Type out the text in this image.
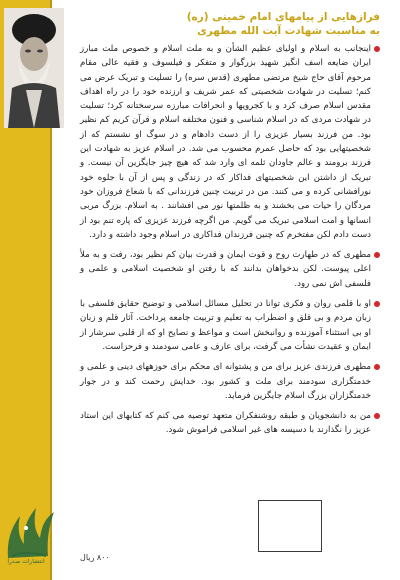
فرازهایی از پیامهای امام خمینی (ره)
به مناسبت شهادت آیت الله مطهری

اینجانب به اسلام و اولیای عظیم الشأن و به ملت اسلام و خصوص ملت مبارز ایران ضایعه اسف انگیز شهید بزرگوار و متفکر و فیلسوف و فقیه عالی مقام مرحوم آقای حاج شیخ مرتضی مطهری (قدس سره) را تسلیت و تبریک عرض می کنم؛ تسلیت در شهادت شخصیتی که عمر شریف و ارزنده خود را در راه اهداف مقدس اسلام صرف کرد و با کجرویها و انحرافات مبارزه سرسختانه کرد؛ تسلیت در شهادت مردی که در اسلام شناسی و فنون مختلفه اسلام و قرآن کریم کم نظیر بود. من فرزند بسیار عزیزی را از دست دادهام و در سوگ او نشستم که از شخصیتهایی بود که حاصل عمرم محسوب می شد. در اسلام عزیز به شهادت این فرزند برومند و عالم جاودان ثلمه ای وارد شد که هیچ چیز جایگزین آن نیست. و تبریک از داشتن این شخصیتهای فداکار که در زندگی و پس از آن با جلوه خود نورافشانی کرده و می کنند. من در تربیت چنین فرزندانی که با شعاع فروزان خود مردگان را حیات می بخشند و به ظلمتها نور می افشانند . به اسلام. بزرگ مربی انسانها و امت اسلامی تبریک می گویم. من اگرچه فرزند عزیزی که پاره تنم بود از دست دادم لکن مفتخرم که چنین فرزندان فداکاری در اسلام وجود داشته و دارد.

مطهری که در طهارت روح و قوت ایمان و قدرت بیان کم نظیر بود، رفت و به ملأ اعلی پیوست. لکن بدخواهان بدانند که با رفتن او شخصیت اسلامی و علمی و فلسفی اش نمی رود.

او با قلمی روان و فکری توانا در تحلیل مسائل اسلامی و توضیح حقایق فلسفی با زبان مردم و بی قلق و اضطراب به تعلیم و تربیت جامعه پرداخت. آثار قلم و زبان او بی استثناء آموزنده و روانبخش است و مواعظ و نصایح او که از قلبی سرشار از ایمان و عقیدت نشأت می گرفت، برای عارف و عامی سودمند و فرحزاست.

مطهری فرزندی عزیز برای من و پشتوانه ای محکم برای حوزههای دینی و علمی و خدمتگزاری سودمند برای ملت و کشور بود. خدایش رحمت کند و در جوار خدمتگزاران بزرگ اسلام جایگزین فرماید.

من به دانشجویان و طبقه روشنفکران متعهد توصیه می کنم که کتابهای این استاد عزیز را نگذارند با دسیسه های غیر اسلامی فراموش شود.

۸۰۰ ریال
انتشارات صدرا
